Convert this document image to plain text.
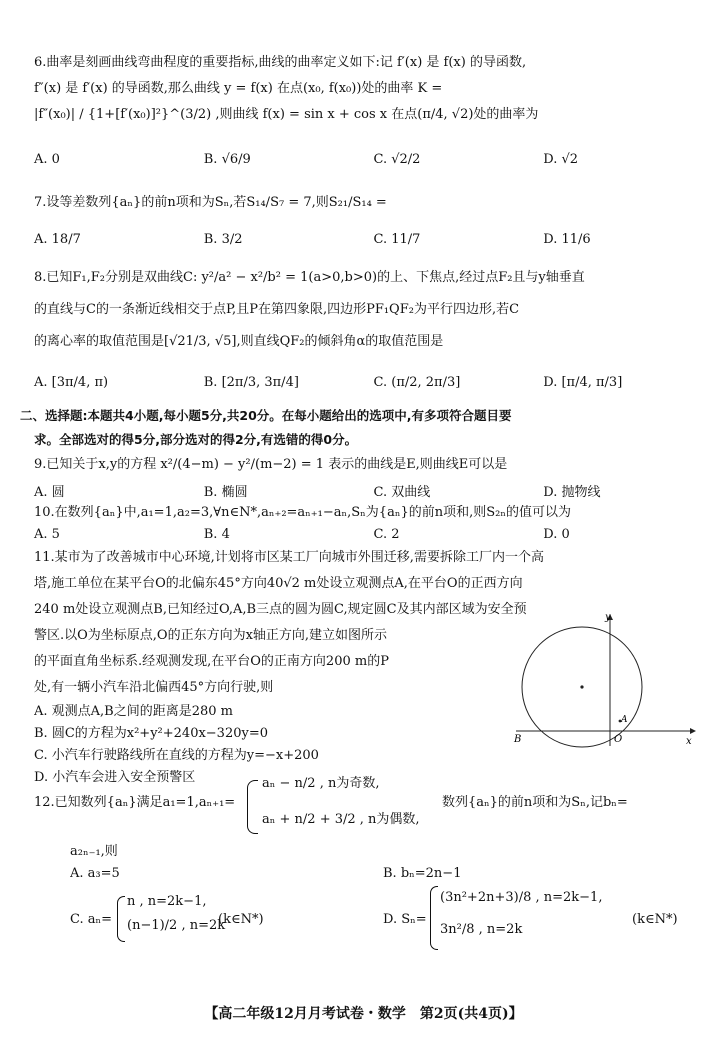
6.曲率是刻画曲线弯曲程度的重要指标,曲线的曲率定义如下:记 f′(x) 是 f(x) 的导函数,
f″(x) 是 f′(x) 的导函数,那么曲线 y = f(x) 在点(x₀, f(x₀))处的曲率 K =
|f″(x₀)| / {1+[f′(x₀)]²}^(3/2) ,则曲线 f(x) = sin x + cos x 在点(π/4, √2)处的曲率为
A. 0	B. √6/9	C. √2/2	D. √2
7.设等差数列{aₙ}的前n项和为Sₙ,若S₁₄/S₇ = 7,则S₂₁/S₁₄ =
A. 18/7	B. 3/2	C. 11/7	D. 11/6
8.已知F₁,F₂分别是双曲线C: y²/a² − x²/b² = 1(a>0,b>0)的上、下焦点,经过点F₂且与y轴垂直
的直线与C的一条渐近线相交于点P,且P在第四象限,四边形PF₁QF₂为平行四边形,若C
的离心率的取值范围是[√21/3, √5],则直线QF₂的倾斜角α的取值范围是
A. [3π/4, π)	B. [2π/3, 3π/4]	C. (π/2, 2π/3]	D. [π/4, π/3]
二、选择题:本题共4小题,每小题5分,共20分。在每小题给出的选项中,有多项符合题目要
求。全部选对的得5分,部分选对的得2分,有选错的得0分。
9.已知关于x,y的方程 x²/(4−m) − y²/(m−2) = 1 表示的曲线是E,则曲线E可以是
A. 圆	B. 椭圆	C. 双曲线	D. 抛物线
10.在数列{aₙ}中,a₁=1,a₂=3,∀n∈N*,aₙ₊₂=aₙ₊₁−aₙ,Sₙ为{aₙ}的前n项和,则S₂ₙ的值可以为
A. 5	B. 4	C. 2	D. 0
11.某市为了改善城市中心环境,计划将市区某工厂向城市外围迁移,需要拆除工厂内一个高
塔,施工单位在某平台O的北偏东45°方向40√2 m处设立观测点A,在平台O的正西方向
240 m处设立观测点B,已知经过O,A,B三点的圆为圆C,规定圆C及其内部区域为安全预
警区.以O为坐标原点,O的正东方向为x轴正方向,建立如图所示
的平面直角坐标系.经观测发现,在平台O的正南方向200 m的P
处,有一辆小汽车沿北偏西45°方向行驶,则
A. 观测点A,B之间的距离是280 m
B. 圆C的方程为x²+y²+240x−320y=0
C. 小汽车行驶路线所在直线的方程为y=−x+200
D. 小汽车会进入安全预警区
y
x
O
A
B
12.已知数列{aₙ}满足a₁=1,aₙ₊₁=
aₙ − n/2 , n为奇数,
aₙ + n/2 + 3/2 , n为偶数,
数列{aₙ}的前n项和为Sₙ,记bₙ=
a₂ₙ₋₁,则
A. a₃=5	B. bₙ=2n−1
C. aₙ=
n , n=2k−1,
(n−1)/2 , n=2k
(k∈N*)	D. Sₙ=
(3n²+2n+3)/8 , n=2k−1,
3n²/8 , n=2k
(k∈N*)
【高二年级12月月考试卷・数学　第2页(共4页)】
